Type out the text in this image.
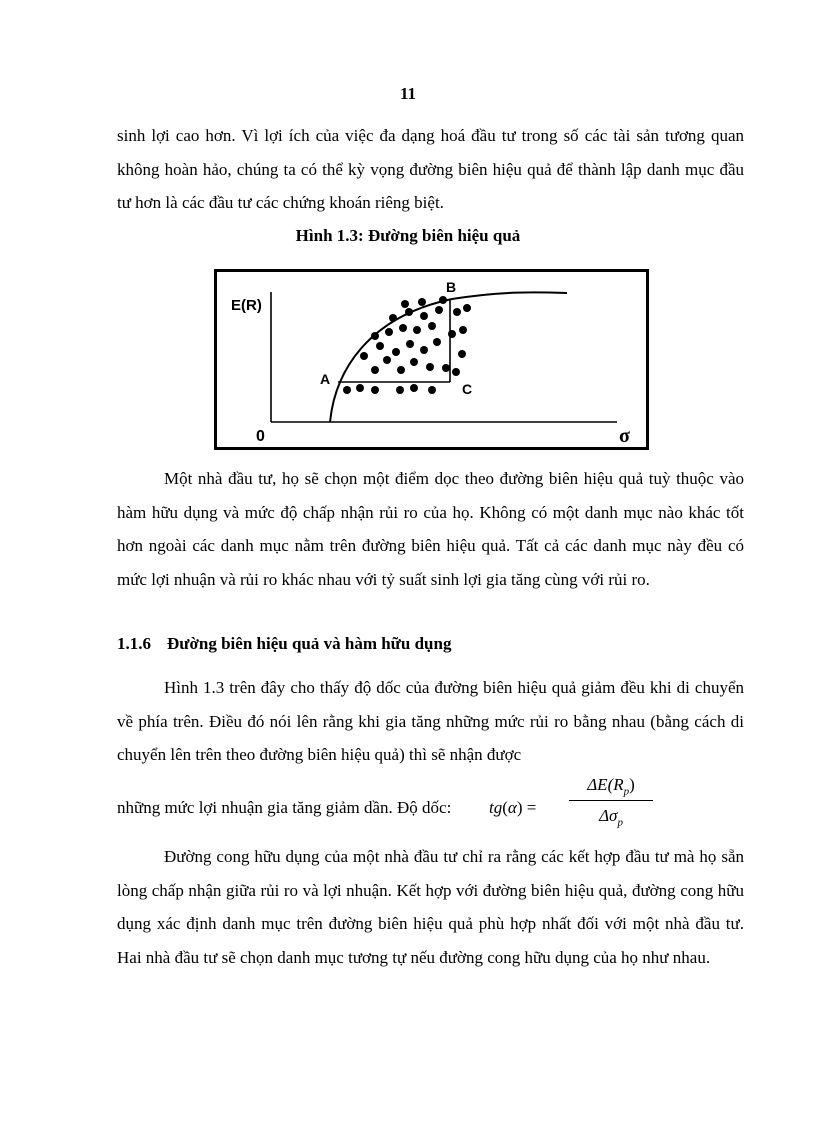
11

sinh lợi cao hơn. Vì lợi ích của việc đa dạng hoá đầu tư trong số các tài sản tương quan không hoàn hảo, chúng ta có thể kỳ vọng đường biên hiệu quả để thành lập danh mục đầu tư hơn là các đầu tư các chứng khoán riêng biệt.

Hình 1.3: Đường biên hiệu quả
E(R)
0	σ
A
B
C

Một nhà đầu tư, họ sẽ chọn một điểm dọc theo đường biên hiệu quả tuỳ thuộc vào hàm hữu dụng và mức độ chấp nhận rủi ro của họ. Không có một danh mục nào khác tốt hơn ngoài các danh mục nằm trên đường biên hiệu quả. Tất cả các danh mục này đều có mức lợi nhuận và rủi ro khác nhau với tỷ suất sinh lợi gia tăng cùng với rủi ro.

1.1.6 Đường biên hiệu quả và hàm hữu dụng

Hình 1.3 trên đây cho thấy độ dốc của đường biên hiệu quả giảm đều khi di chuyển về phía trên. Điều đó nói lên rằng khi gia tăng những mức rủi ro bằng nhau (bằng cách di chuyển lên trên theo đường biên hiệu quả) thì sẽ nhận được

những mức lợi nhuận gia tăng giảm dần. Độ dốc: tg(α) =
$\Delta E(R_p)$
$\Delta\sigma_p$

Đường cong hữu dụng của một nhà đầu tư chỉ ra rằng các kết hợp đầu tư mà họ sẵn lòng chấp nhận giữa rủi ro và lợi nhuận. Kết hợp với đường biên hiệu quả, đường cong hữu dụng xác định danh mục trên đường biên hiệu quả phù hợp nhất đối với một nhà đầu tư. Hai nhà đầu tư sẽ chọn danh mục tương tự nếu đường cong hữu dụng của họ như nhau.
